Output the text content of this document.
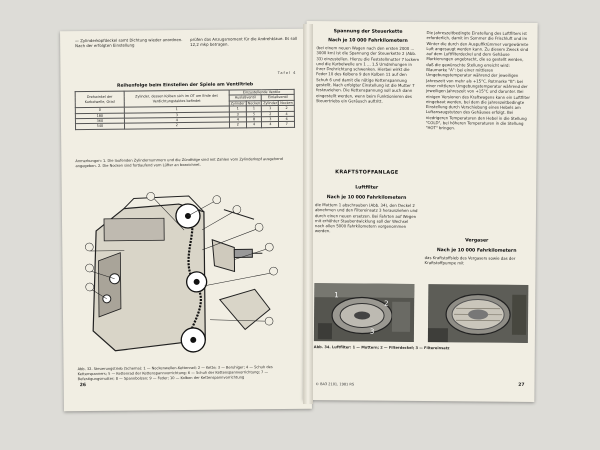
— Zylinderkopfdeckel samt Dichtung wieder anordnen. Nach der erfolgten Einstellung
prüfen das Anzugsmoment für die Andrehklaue. Es soll 12,2 mkp betragen.
Tafel 4
Reihenfolge beim Einstellen der Spiele am Ventiltrieb
Drehwinkel der Kurbelwelle, Grad	Zylinder, dessen Kolben sich im OT am Ende des Verdichtungstaktes befindet	Einzustellende Ventile			
		Auslaßventil		Einlaßventil	
		Zylinder	Nocken	Zylinder	Nocken
0	1	1	1	1	2
180	3	3	5	2	4
360	4	4	8	3	6
540	2	2	4	4	7
Anmerkungen: 1. Die laufenden Zylindernummern und die Zündfolge sind mit Zahlen vom Zylinderkopf ausgehend angegeben. 2. Die Nocken sind fortlaufend vom Lüfter an bezeichnet.
Abb. 32. Steuerungstrieb (Schema): 1 — Nockenwellen-Kettenrad; 2 — Kette; 3 — Beruhiger; 4 — Schuh des Kettenspanners; 5 — Kettenrad der Kettenspannvorrichtung; 6 — Schuh der Kettenspannvorrichtung; 7 — Befestigungsmutter; 8 — Spannbolzen; 9 — Feder; 10 — Kolben der Kettenspannvorrichtung
26
Spannung der Steuerkette
Nach je 10 000 Fahrkilometern
(bei einem neuen Wagen nach den ersten 2000 ... 3000 km) ist die Spannung der Steuerkette 2 (Abb. 33) einzustellen. Hierzu die Feststellmutter 7 lockern und die Kurbelwelle um 1 ... 1,5 Umdrehungen in ihrer Drehrichtung schwenken. Hierbei wirkt die Feder 10 des Kolbens 9 den Kolben 11 auf den Schuh 6 und damit die nötige Kettenspannung gestellt. Nach erfolgter Einstellung ist die Mutter 7 festzuziehen. Die Kettenspannung soll auch dann eingestellt werden, wenn beim Funktionieren des Steuertriebs ein Geräusch auftritt.
KRAFTSTOFFANLAGE
Luftfilter
Nach je 10 000 Fahrkilometern
die Muttern 1 abschrauben (Abb. 34), den Deckel 2 abnehmen und den Filtereinsatz 3 herausziehen und durch einen neuen ersetzen. Bei Fahrten auf Wegen mit erhöhter Staubentwicklung soll der Wechsel nach allen 5000 Fahrkilometern vorgenommen werden.
Die jahreszeitbedingte Einstellung des Luftfilters ist erforderlich, damit im Sommer die Frischluft und im Winter die durch den Auspuffkrümmer vorgewärmte Luft angesaugt werden kann. Zu diesem Zweck sind auf dem Luftfilterdeckel und dem Gehäuse Markierungen angebracht, die so gestellt werden, daß die gewünschte Stellung erreicht wird: Blaumarke "A": bei einer mittleren Umgebungstemperatur während der jeweiligen Jahreszeit von mehr als +15°C. Rotmarke "B": bei einer mittleren Umgebungstemperatur während der jeweiligen Jahreszeit von +15°C und darunter. Bei einigen Versionen des Kraftwagens kann ein Luftfilter eingebaut werden, bei dem die jahreszeitbedingte Einstellung durch Verschiebung eines Hebels am Luftansaugstutzen des Gehäuses erfolgt. Bei niedrigeren Temperaturen den Hebel in die Stellung "COLD", bei höheren Temperaturen in die Stellung "HOT" bringen.
Vergaser
Nach je 10 000 Fahrkilometern
das Kraftstoffsieb des Vergasers sowie das der Kraftstoffpumpe mit
1
2
3
Abb. 34. Luftfilter: 1 — Muttern; 2 — Filterdeckel; 3 — Filtereinsatz
© ВАЗ 2101, 1981 RS	27
